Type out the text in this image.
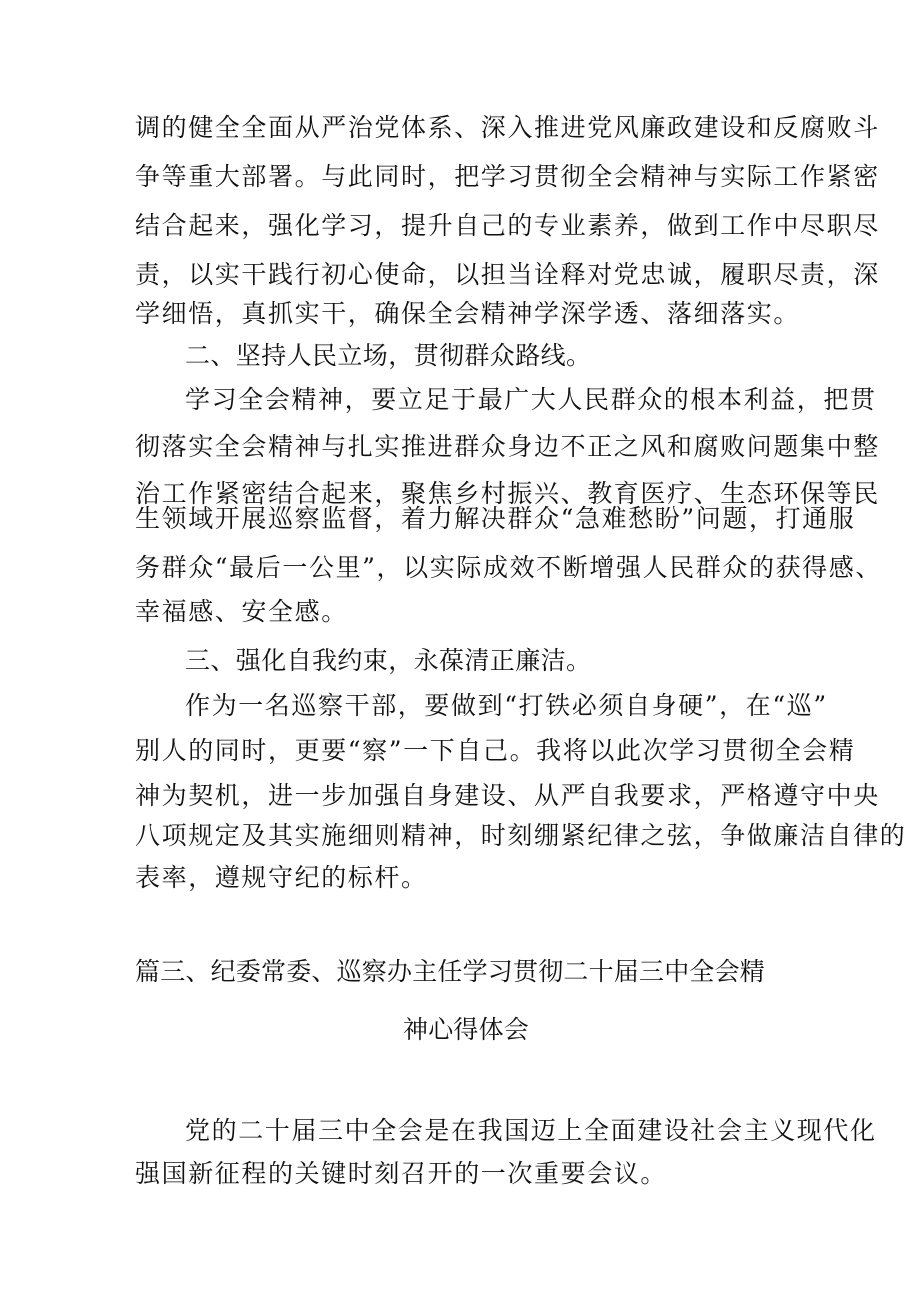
调的健全全面从严治党体系、深入推进党风廉政建设和反腐败斗
争等重大部署。与此同时，把学习贯彻全会精神与实际工作紧密
结合起来，强化学习，提升自己的专业素养，做到工作中尽职尽
责，以实干践行初心使命，以担当诠释对党忠诚，履职尽责，深
学细悟，真抓实干，确保全会精神学深学透、落细落实。
二、坚持人民立场，贯彻群众路线。
学习全会精神，要立足于最广大人民群众的根本利益，把贯
彻落实全会精神与扎实推进群众身边不正之风和腐败问题集中整
治工作紧密结合起来，聚焦乡村振兴、教育医疗、生态环保等民
生领域开展巡察监督，着力解决群众“急难愁盼”问题，打通服
务群众“最后一公里”，以实际成效不断增强人民群众的获得感、
幸福感、安全感。
三、强化自我约束，永葆清正廉洁。
作为一名巡察干部，要做到“打铁必须自身硬”，在“巡”
别人的同时，更要“察”一下自己。我将以此次学习贯彻全会精
神为契机，进一步加强自身建设、从严自我要求，严格遵守中央
八项规定及其实施细则精神，时刻绷紧纪律之弦，争做廉洁自律的
表率，遵规守纪的标杆。
篇三、纪委常委、巡察办主任学习贯彻二十届三中全会精
神心得体会
党的二十届三中全会是在我国迈上全面建设社会主义现代化
强国新征程的关键时刻召开的一次重要会议。
